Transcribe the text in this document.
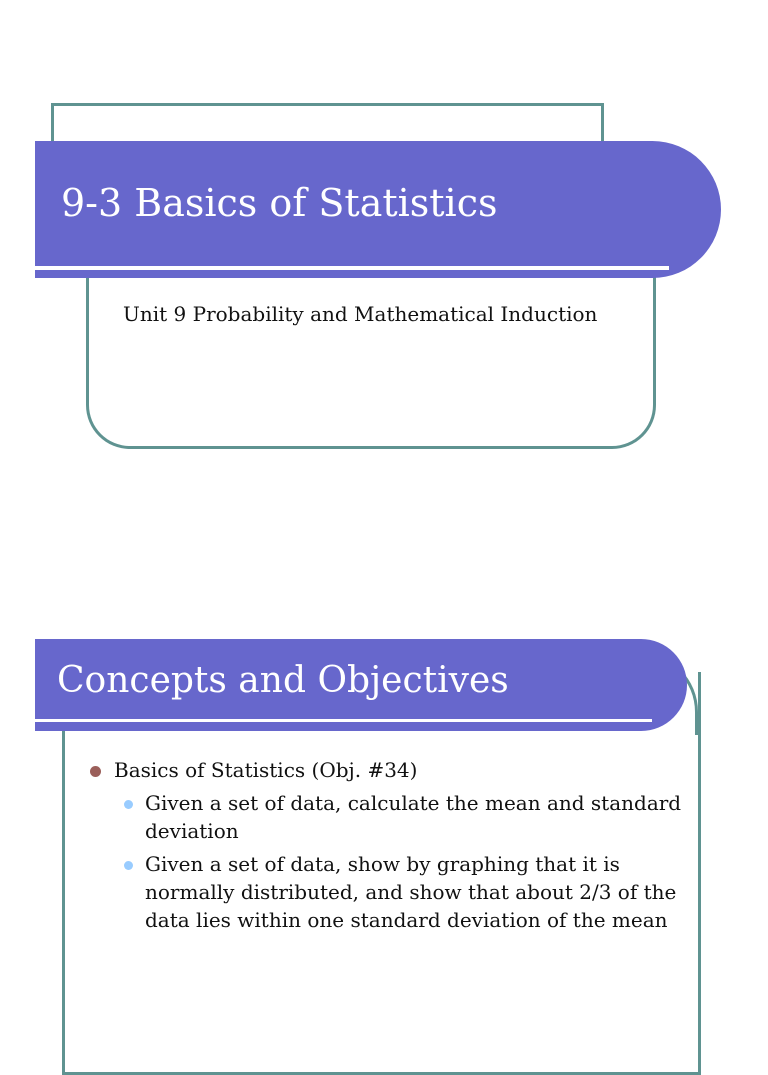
9-3 Basics of Statistics
Unit 9 Probability and Mathematical Induction
Concepts and Objectives
Basics of Statistics (Obj. #34)
Given a set of data, calculate the mean and standard deviation
Given a set of data, show by graphing that it is normally distributed, and show that about 2/3 of the data lies within one standard deviation of the mean
